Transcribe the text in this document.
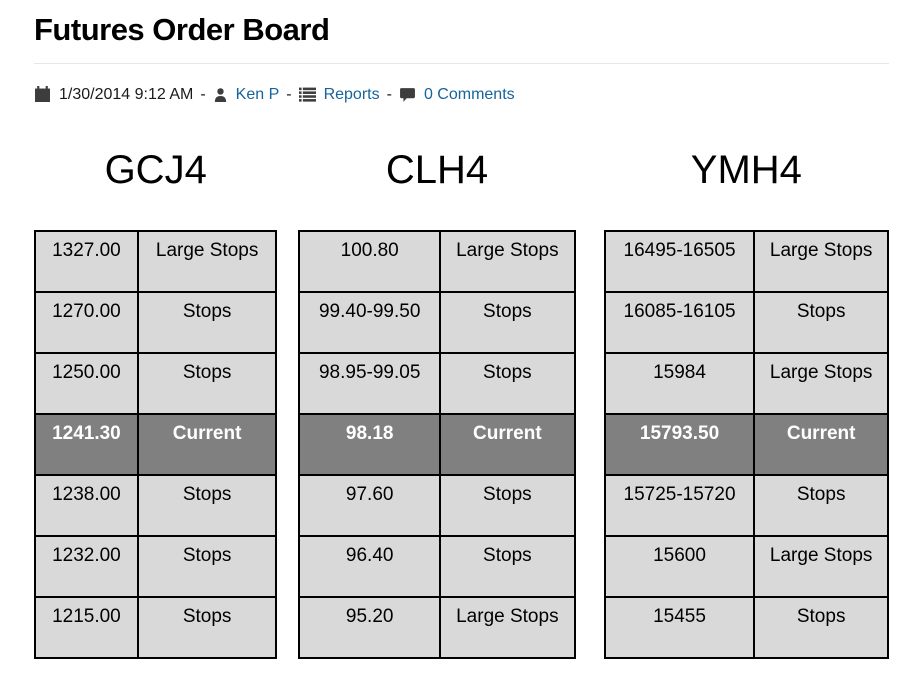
Futures Order Board
1/30/2014 9:12 AM - Ken P - Reports - 0 Comments
GCJ4
1327.00	Large Stops
1270.00	Stops
1250.00	Stops
1241.30	Current
1238.00	Stops
1232.00	Stops
1215.00	Stops
CLH4
100.80	Large Stops
99.40-99.50	Stops
98.95-99.05	Stops
98.18	Current
97.60	Stops
96.40	Stops
95.20	Large Stops
YMH4
16495-16505	Large Stops
16085-16105	Stops
15984	Large Stops
15793.50	Current
15725-15720	Stops
15600	Large Stops
15455	Stops
